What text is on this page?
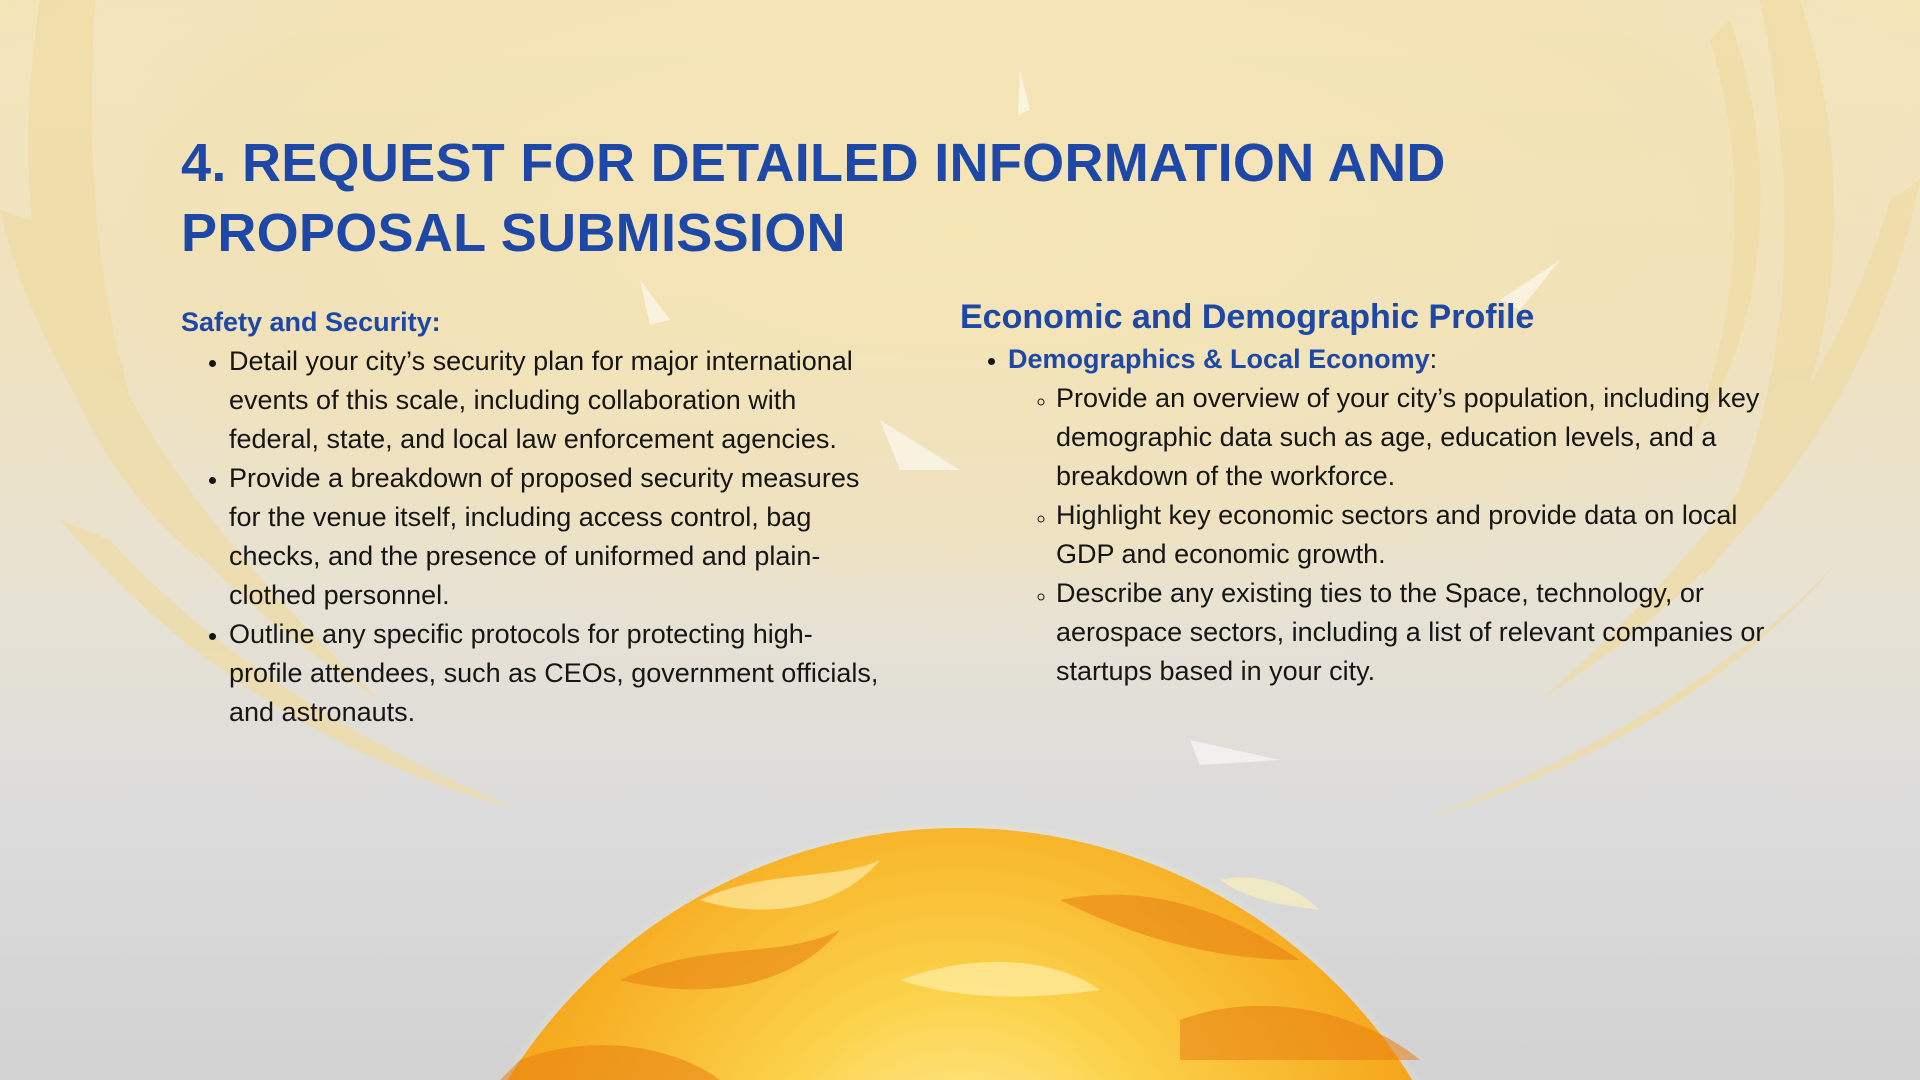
4. REQUEST FOR DETAILED INFORMATION AND PROPOSAL SUBMISSION
Safety and Security:
• Detail your city’s security plan for major international events of this scale, including collaboration with federal, state, and local law enforcement agencies.
• Provide a breakdown of proposed security measures for the venue itself, including access control, bag checks, and the presence of uniformed and plain-clothed personnel.
• Outline any specific protocols for protecting high-profile attendees, such as CEOs, government officials, and astronauts.
Economic and Demographic Profile
• Demographics & Local Economy:
◦ Provide an overview of your city’s population, including key demographic data such as age, education levels, and a breakdown of the workforce.
◦ Highlight key economic sectors and provide data on local GDP and economic growth.
◦ Describe any existing ties to the Space, technology, or aerospace sectors, including a list of relevant companies or startups based in your city.
